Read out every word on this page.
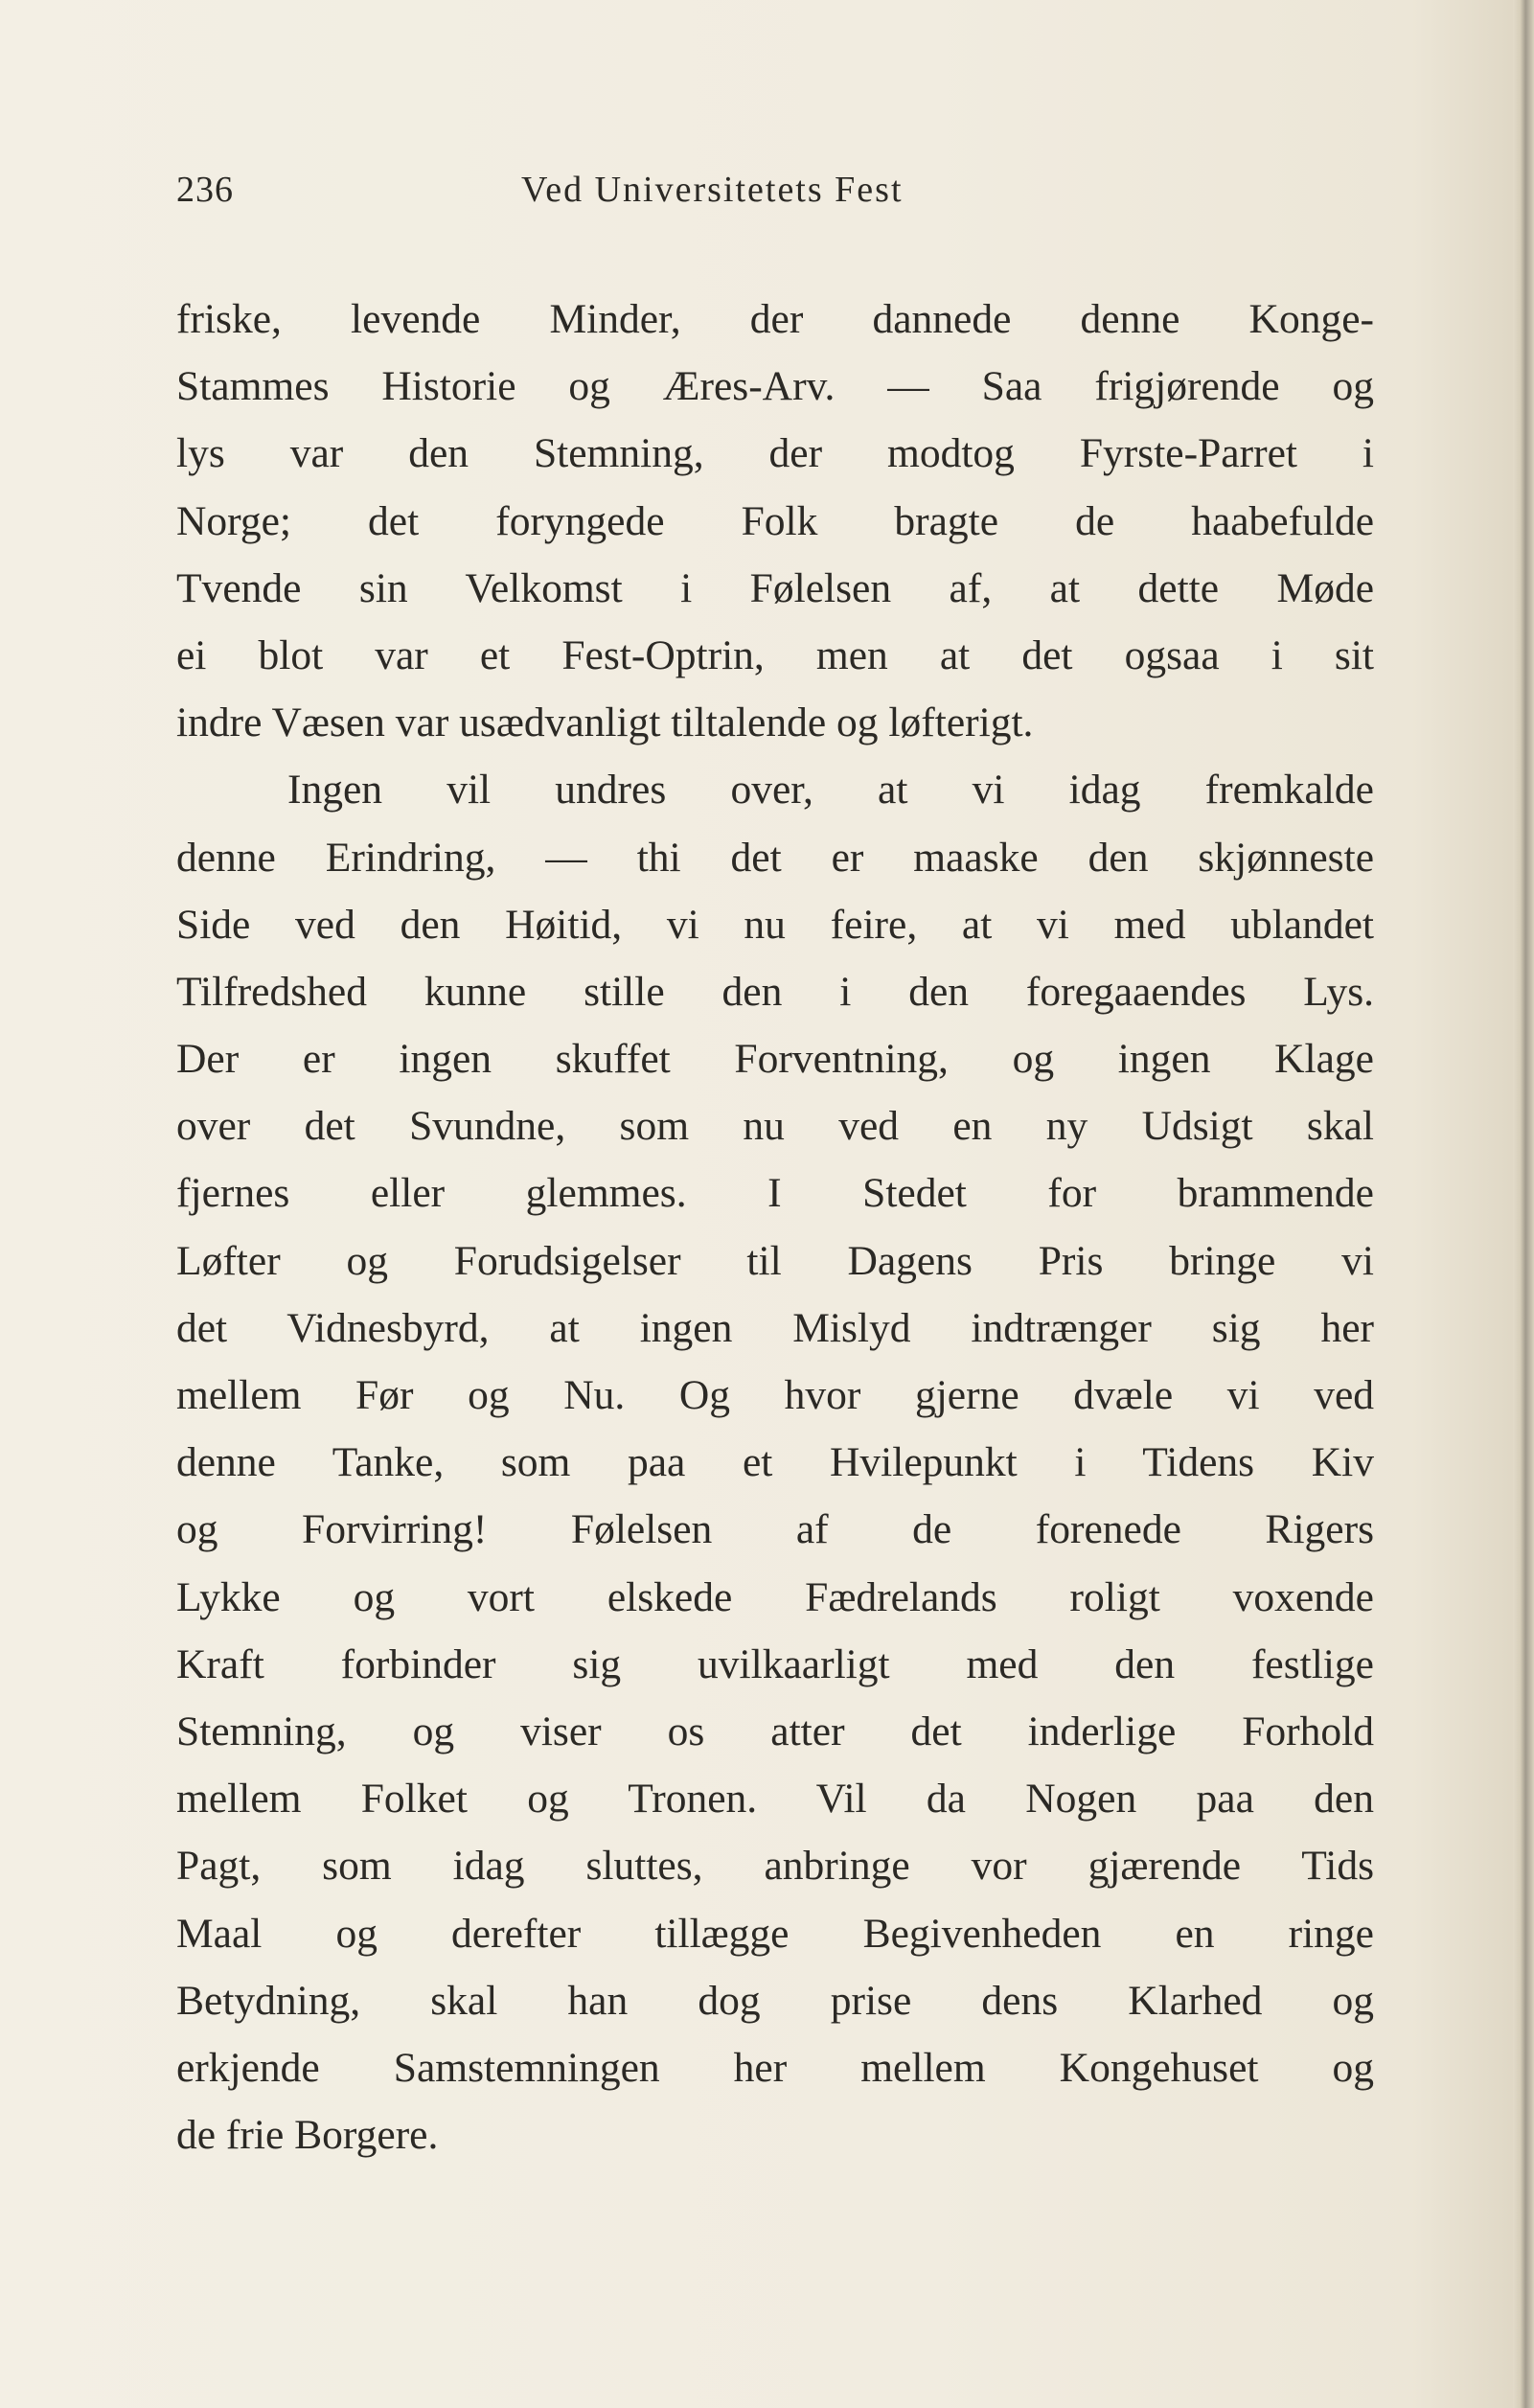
236	Ved Universitetets Fest
friske, levende Minder, der dannede denne Konge-
Stammes Historie og Æres-Arv. — Saa frigjørende og
lys var den Stemning, der modtog Fyrste-Parret i
Norge; det foryngede Folk bragte de haabefulde
Tvende sin Velkomst i Følelsen af, at dette Møde
ei blot var et Fest-Optrin, men at det ogsaa i sit
indre Væsen var usædvanligt tiltalende og løfterigt.
Ingen vil undres over, at vi idag fremkalde
denne Erindring, — thi det er maaske den skjønneste
Side ved den Høitid, vi nu feire, at vi med ublandet
Tilfredshed kunne stille den i den foregaaendes Lys.
Der er ingen skuffet Forventning, og ingen Klage
over det Svundne, som nu ved en ny Udsigt skal
fjernes eller glemmes. I Stedet for brammende
Løfter og Forudsigelser til Dagens Pris bringe vi
det Vidnesbyrd, at ingen Mislyd indtrænger sig her
mellem Før og Nu. Og hvor gjerne dvæle vi ved
denne Tanke, som paa et Hvilepunkt i Tidens Kiv
og Forvirring! Følelsen af de forenede Rigers
Lykke og vort elskede Fædrelands roligt voxende
Kraft forbinder sig uvilkaarligt med den festlige
Stemning, og viser os atter det inderlige Forhold
mellem Folket og Tronen. Vil da Nogen paa den
Pagt, som idag sluttes, anbringe vor gjærende Tids
Maal og derefter tillægge Begivenheden en ringe
Betydning, skal han dog prise dens Klarhed og
erkjende Samstemningen her mellem Kongehuset og
de frie Borgere.
